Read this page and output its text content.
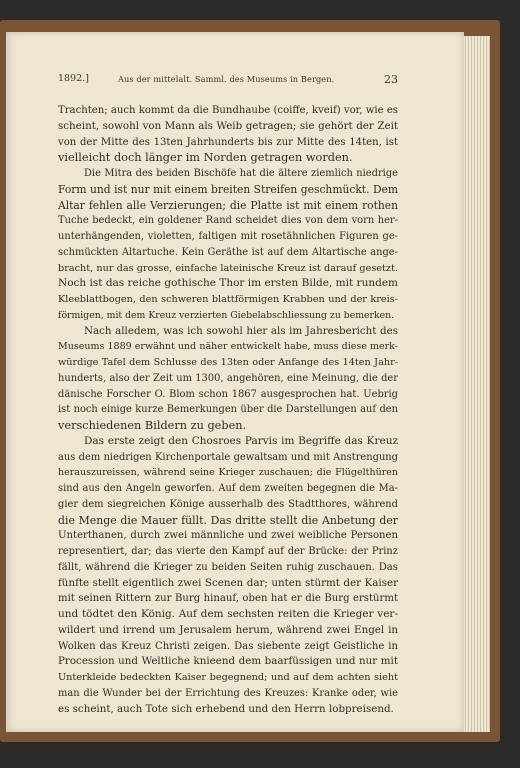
1892.]	Aus der mittelalt. Samml. des Museums in Bergen.	23
Trachten; auch kommt da die Bundhaube (coiffe, kveif) vor, wie es
scheint, sowohl von Mann als Weib getragen; sie gehört der Zeit
von der Mitte des 13ten Jahrhunderts bis zur Mitte des 14ten, ist
vielleicht doch länger im Norden getragen worden.
Die Mitra des beiden Bischöfe hat die ältere ziemlich niedrige
Form und ist nur mit einem breiten Streifen geschmückt. Dem
Altar fehlen alle Verzierungen; die Platte ist mit einem rothen
Tuche bedeckt, ein goldener Rand scheidet dies von dem vorn her-
unterhängenden, violetten, faltigen mit rosetähnlichen Figuren ge-
schmückten Altartuche. Kein Geräthe ist auf dem Altartische ange-
bracht, nur das grosse, einfache lateinische Kreuz ist darauf gesetzt.
Noch ist das reiche gothische Thor im ersten Bilde, mit rundem
Kleeblattbogen, den schweren blattförmigen Krabben und der kreis-
förmigen, mit dem Kreuz verzierten Giebelabschliessung zu bemerken.
Nach alledem, was ich sowohl hier als im Jahresbericht des
Museums 1889 erwähnt und näher entwickelt habe, muss diese merk-
würdige Tafel dem Schlusse des 13ten oder Anfange des 14ten Jahr-
hunderts, also der Zeit um 1300, angehören, eine Meinung, die der
dänische Forscher O. Blom schon 1867 ausgesprochen hat. Uebrig
ist noch einige kurze Bemerkungen über die Darstellungen auf den
verschiedenen Bildern zu geben.
Das erste zeigt den Chosroes Parvis im Begriffe das Kreuz
aus dem niedrigen Kirchenportale gewaltsam und mit Anstrengung
herauszureissen, während seine Krieger zuschauen; die Flügelthüren
sind aus den Angeln geworfen. Auf dem zweiten begegnen die Ma-
gier dem siegreichen Könige ausserhalb des Stadtthores, während
die Menge die Mauer füllt. Das dritte stellt die Anbetung der
Unterthanen, durch zwei männliche und zwei weibliche Personen
representiert, dar; das vierte den Kampf auf der Brücke: der Prinz
fällt, während die Krieger zu beiden Seiten ruhig zuschauen. Das
fünfte stellt eigentlich zwei Scenen dar; unten stürmt der Kaiser
mit seinen Rittern zur Burg hinauf, oben hat er die Burg erstürmt
und tödtet den König. Auf dem sechsten reiten die Krieger ver-
wildert und irrend um Jerusalem herum, während zwei Engel in
Wolken das Kreuz Christi zeigen. Das siebente zeigt Geistliche in
Procession und Weltliche knieend dem baarfüssigen und nur mit
Unterkleide bedeckten Kaiser begegnend; und auf dem achten sieht
man die Wunder bei der Errichtung des Kreuzes: Kranke oder, wie
es scheint, auch Tote sich erhebend und den Herrn lobpreisend.
